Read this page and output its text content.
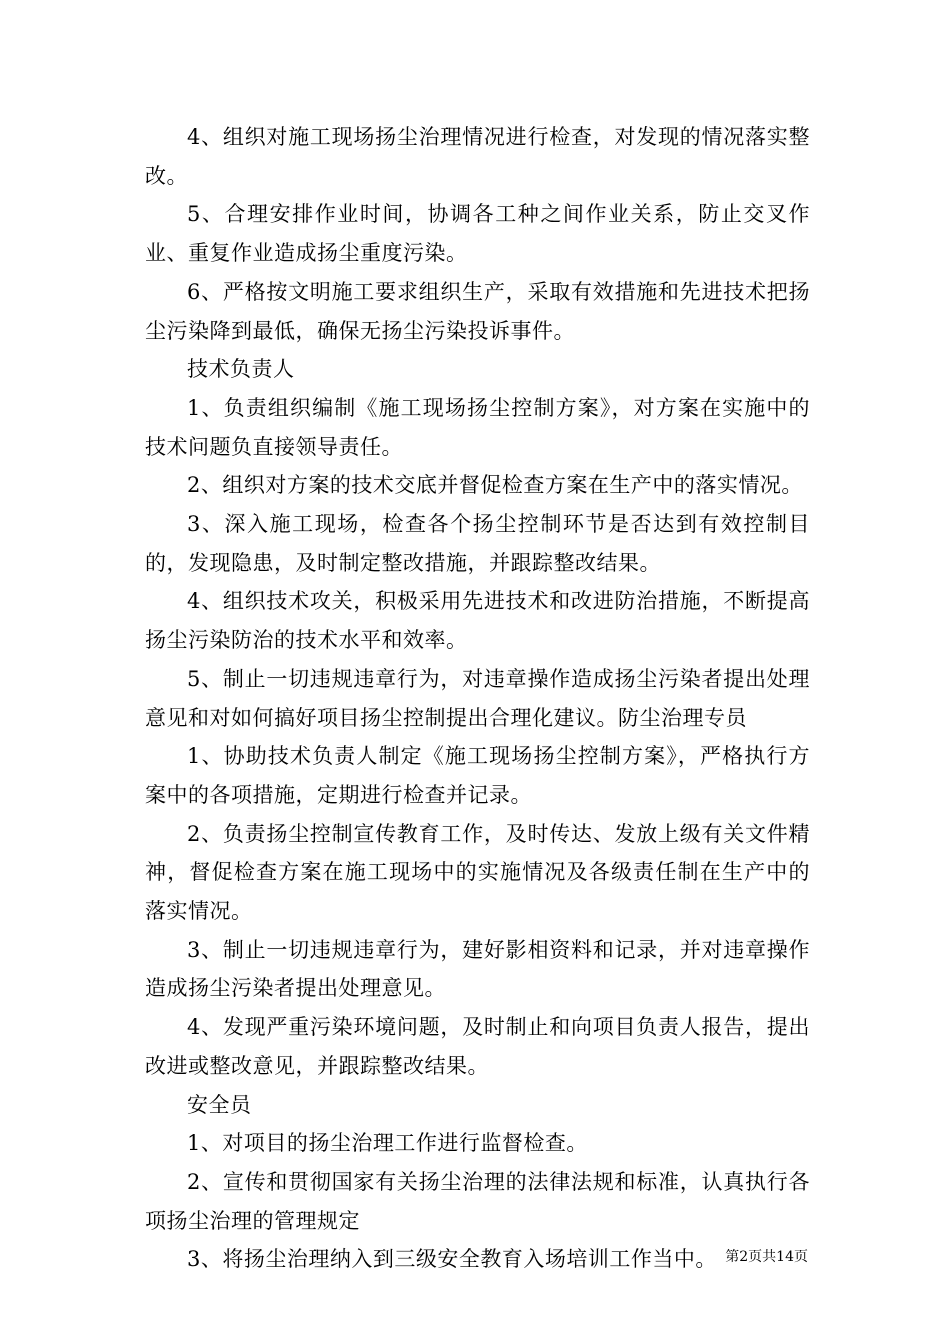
4、组织对施工现场扬尘治理情况进行检查，对发现的情况落实整改。

5、合理安排作业时间，协调各工种之间作业关系，防止交叉作业、重复作业造成扬尘重度污染。

6、严格按文明施工要求组织生产，采取有效措施和先进技术把扬尘污染降到最低，确保无扬尘污染投诉事件。

技术负责人

1、负责组织编制《施工现场扬尘控制方案》，对方案在实施中的技术问题负直接领导责任。

2、组织对方案的技术交底并督促检查方案在生产中的落实情况。

3、深入施工现场，检查各个扬尘控制环节是否达到有效控制目的，发现隐患，及时制定整改措施，并跟踪整改结果。

4、组织技术攻关，积极采用先进技术和改进防治措施，不断提高扬尘污染防治的技术水平和效率。

5、制止一切违规违章行为，对违章操作造成扬尘污染者提出处理意见和对如何搞好项目扬尘控制提出合理化建议。防尘治理专员

1、协助技术负责人制定《施工现场扬尘控制方案》，严格执行方案中的各项措施，定期进行检查并记录。

2、负责扬尘控制宣传教育工作，及时传达、发放上级有关文件精神，督促检查方案在施工现场中的实施情况及各级责任制在生产中的落实情况。

3、制止一切违规违章行为，建好影相资料和记录，并对违章操作造成扬尘污染者提出处理意见。

4、发现严重污染环境问题，及时制止和向项目负责人报告，提出改进或整改意见，并跟踪整改结果。

安全员

1、对项目的扬尘治理工作进行监督检查。

2、宣传和贯彻国家有关扬尘治理的法律法规和标准，认真执行各项扬尘治理的管理规定

3、将扬尘治理纳入到三级安全教育入场培训工作当中。 第2页共14页
